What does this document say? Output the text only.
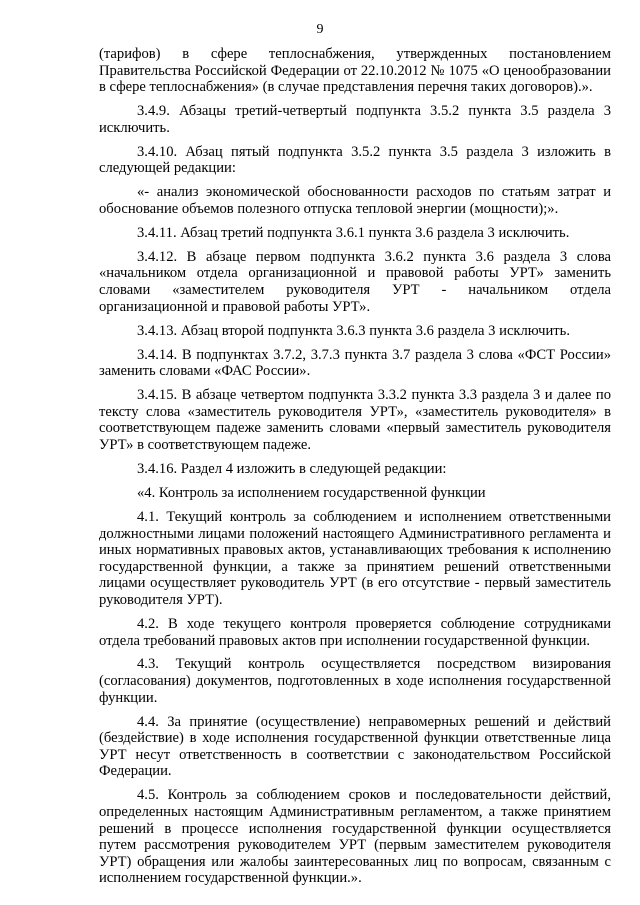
9

(тарифов) в сфере теплоснабжения, утвержденных постановлением Правительства Российской Федерации от 22.10.2012 № 1075 «О ценообразовании в сфере теплоснабжения» (в случае представления перечня таких договоров).».

3.4.9. Абзацы третий-четвертый подпункта 3.5.2 пункта 3.5 раздела 3 исключить.

3.4.10. Абзац пятый подпункта 3.5.2 пункта 3.5 раздела 3 изложить в следующей редакции:

«- анализ экономической обоснованности расходов по статьям затрат и обоснование объемов полезного отпуска тепловой энергии (мощности);».

3.4.11. Абзац третий подпункта 3.6.1 пункта 3.6 раздела 3 исключить.

3.4.12. В абзаце первом подпункта 3.6.2 пункта 3.6 раздела 3 слова «начальником отдела организационной и правовой работы УРТ» заменить словами «заместителем руководителя УРТ - начальником отдела организационной и правовой работы УРТ».

3.4.13. Абзац второй подпункта 3.6.3 пункта 3.6 раздела 3 исключить.

3.4.14. В подпунктах 3.7.2, 3.7.3 пункта 3.7 раздела 3 слова «ФСТ России» заменить словами «ФАС России».

3.4.15. В абзаце четвертом подпункта 3.3.2 пункта 3.3 раздела 3 и далее по тексту слова «заместитель руководителя УРТ», «заместитель руководителя» в соответствующем падеже заменить словами «первый заместитель руководителя УРТ» в соответствующем падеже.

3.4.16. Раздел 4 изложить в следующей редакции:

«4. Контроль за исполнением государственной функции

4.1. Текущий контроль за соблюдением и исполнением ответственными должностными лицами положений настоящего Административного регламента и иных нормативных правовых актов, устанавливающих требования к исполнению государственной функции, а также за принятием решений ответственными лицами осуществляет руководитель УРТ (в его отсутствие - первый заместитель руководителя УРТ).

4.2. В ходе текущего контроля проверяется соблюдение сотрудниками отдела требований правовых актов при исполнении государственной функции.

4.3. Текущий контроль осуществляется посредством визирования (согласования) документов, подготовленных в ходе исполнения государственной функции.

4.4. За принятие (осуществление) неправомерных решений и действий (бездействие) в ходе исполнения государственной функции ответственные лица УРТ несут ответственность в соответствии с законодательством Российской Федерации.

4.5. Контроль за соблюдением сроков и последовательности действий, определенных настоящим Административным регламентом, а также принятием решений в процессе исполнения государственной функции осуществляется путем рассмотрения руководителем УРТ (первым заместителем руководителя УРТ) обращения или жалобы заинтересованных лиц по вопросам, связанным с исполнением государственной функции.».
